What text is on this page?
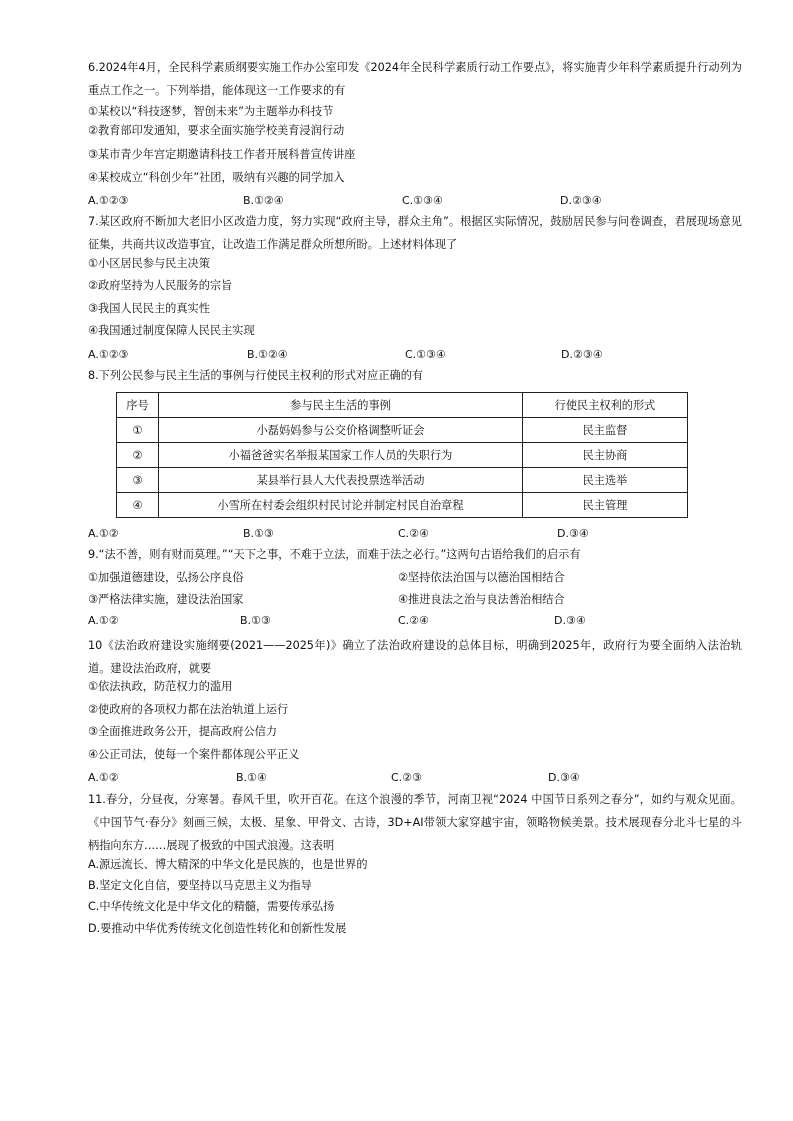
6.2024年4月，全民科学素质纲要实施工作办公室印发《2024年全民科学素质行动工作要点》，将实施青少年科学素质提升行动列为重点工作之一。下列举措，能体现这一工作要求的有
①某校以“科技逐梦，智创未来”为主题举办科技节
②教育部印发通知，要求全面实施学校美育浸润行动
③某市青少年宫定期邀请科技工作者开展科普宣传讲座
④某校成立“科创少年”社团，吸纳有兴趣的同学加入
A.①②③	B.①②④	C.①③④	D.②③④
7.某区政府不断加大老旧小区改造力度，努力实现“政府主导，群众主角”。根据区实际情况，鼓励居民参与问卷调查，君展现场意见征集，共商共议改造事宜，让改造工作满足群众所想所盼。上述材料体现了
①小区居民参与民主决策
②政府坚持为人民服务的宗旨
③我国人民民主的真实性
④我国通过制度保障人民民主实现
A.①②③	B.①②④	C.①③④	D.②③④
8.下列公民参与民主生活的事例与行使民主权利的形式对应正确的有
序号	参与民主生活的事例	行使民主权利的形式
①	小磊妈妈参与公交价格调整听证会	民主监督
②	小福爸爸实名举报某国家工作人员的失职行为	民主协商
③	某县举行县人大代表投票选举活动	民主选举
④	小雪所在村委会组织村民讨论并制定村民自治章程	民主管理
A.①②	B.①③	C.②④	D.③④
9.“法不善，则有财而莫理。”“天下之事，不难于立法，而难于法之必行。”这两句古语给我们的启示有
①加强道德建设，弘扬公序良俗	②坚持依法治国与以德治国相结合
③严格法律实施，建设法治国家	④推进良法之治与良法善治相结合
A.①②	B.①③	C.②④	D.③④
10《法治政府建设实施纲要(2021——2025年)》确立了法治政府建设的总体目标，明确到2025年，政府行为要全面纳入法治轨道。建设法治政府，就要
①依法执政，防范权力的滥用
②使政府的各项权力都在法治轨道上运行
③全面推进政务公开，提高政府公信力
④公正司法，使每一个案件都体现公平正义
A.①②	B.①④	C.②③	D.③④
11.春分，分昼夜，分寒暑。春风千里，吹开百花。在这个浪漫的季节，河南卫视“2024 中国节日系列之春分”，如约与观众见面。《中国节气·春分》刻画三候，太极、星象、甲骨文、古诗，3D+AI带领大家穿越宇宙，领略物候美景。技术展现春分北斗七星的斗柄指向东方……展现了极致的中国式浪漫。这表明
A.源远流长、博大精深的中华文化是民族的，也是世界的
B.坚定文化自信，要坚持以马克思主义为指导
C.中华传统文化是中华文化的精髓，需要传承弘扬
D.要推动中华优秀传统文化创造性转化和创新性发展
